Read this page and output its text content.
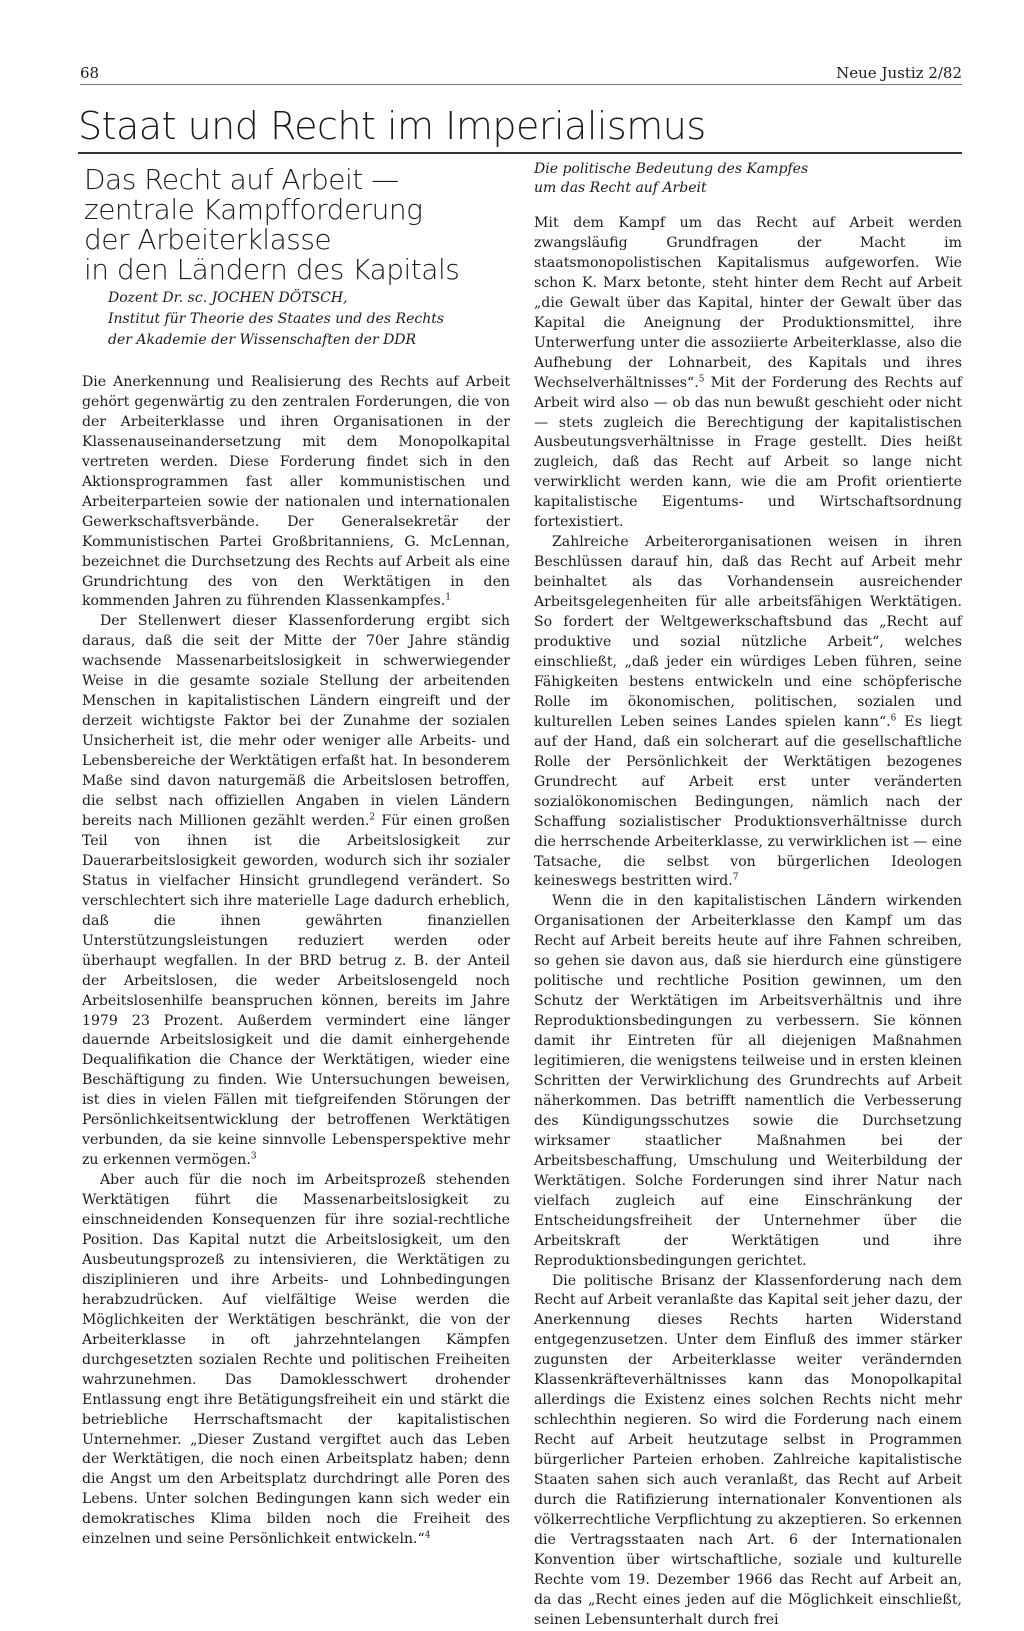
68	Neue Justiz 2/82
Staat und Recht im Imperialismus
Das Recht auf Arbeit —
zentrale Kampfforderung
der Arbeiterklasse
in den Ländern des Kapitals
Dozent Dr. sc. JOCHEN DÖTSCH,
Institut für Theorie des Staates und des Rechts
der Akademie der Wissenschaften der DDR

Die Anerkennung und Realisierung des Rechts auf Arbeit gehört gegenwärtig zu den zentralen Forderungen, die von der Arbeiterklasse und ihren Organisationen in der Klassenauseinandersetzung mit dem Monopolkapital vertreten werden. Diese Forderung findet sich in den Aktionsprogrammen fast aller kommunistischen und Arbeiterparteien sowie der nationalen und internationalen Gewerkschaftsverbände. Der Generalsekretär der Kommunistischen Partei Großbritanniens, G. McLennan, bezeichnet die Durchsetzung des Rechts auf Arbeit als eine Grundrichtung des von den Werktätigen in den kommenden Jahren zu führenden Klassenkampfes.$^1$

Der Stellenwert dieser Klassenforderung ergibt sich daraus, daß die seit der Mitte der 70er Jahre ständig wachsende Massenarbeitslosigkeit in schwerwiegender Weise in die gesamte soziale Stellung der arbeitenden Menschen in kapitalistischen Ländern eingreift und der derzeit wichtigste Faktor bei der Zunahme der sozialen Unsicherheit ist, die mehr oder weniger alle Arbeits- und Lebensbereiche der Werktätigen erfaßt hat. In besonderem Maße sind davon naturgemäß die Arbeitslosen betroffen, die selbst nach offiziellen Angaben in vielen Ländern bereits nach Millionen gezählt werden.$^2$ Für einen großen Teil von ihnen ist die Arbeitslosigkeit zur Dauerarbeitslosigkeit geworden, wodurch sich ihr sozialer Status in vielfacher Hinsicht grundlegend verändert. So verschlechtert sich ihre materielle Lage dadurch erheblich, daß die ihnen gewährten finanziellen Unterstützungsleistungen reduziert werden oder überhaupt wegfallen. In der BRD betrug z. B. der Anteil der Arbeitslosen, die weder Arbeitslosengeld noch Arbeitslosenhilfe beanspruchen können, bereits im Jahre 1979 23 Prozent. Außerdem vermindert eine länger dauernde Arbeitslosigkeit und die damit einhergehende Dequalifikation die Chance der Werktätigen, wieder eine Beschäftigung zu finden. Wie Untersuchungen beweisen, ist dies in vielen Fällen mit tiefgreifenden Störungen der Persönlichkeitsentwicklung der betroffenen Werktätigen verbunden, da sie keine sinnvolle Lebensperspektive mehr zu erkennen vermögen.$^3$

Aber auch für die noch im Arbeitsprozeß stehenden Werktätigen führt die Massenarbeitslosigkeit zu einschneidenden Konsequenzen für ihre sozial-rechtliche Position. Das Kapital nutzt die Arbeitslosigkeit, um den Ausbeutungsprozeß zu intensivieren, die Werktätigen zu disziplinieren und ihre Arbeits- und Lohnbedingungen herabzudrücken. Auf vielfältige Weise werden die Möglichkeiten der Werktätigen beschränkt, die von der Arbeiterklasse in oft jahrzehntelangen Kämpfen durchgesetzten sozialen Rechte und politischen Freiheiten wahrzunehmen. Das Damoklesschwert drohender Entlassung engt ihre Betätigungsfreiheit ein und stärkt die betriebliche Herrschaftsmacht der kapitalistischen Unternehmer. „Dieser Zustand vergiftet auch das Leben der Werktätigen, die noch einen Arbeitsplatz haben; denn die Angst um den Arbeitsplatz durchdringt alle Poren des Lebens. Unter solchen Bedingungen kann sich weder ein demokratisches Klima bilden noch die Freiheit des einzelnen und seine Persönlichkeit entwickeln.“$^4$

Die politische Bedeutung des Kampfes
um das Recht auf Arbeit

Mit dem Kampf um das Recht auf Arbeit werden zwangsläufig Grundfragen der Macht im staatsmonopolistischen Kapitalismus aufgeworfen. Wie schon K. Marx betonte, steht hinter dem Recht auf Arbeit „die Gewalt über das Kapital, hinter der Gewalt über das Kapital die Aneignung der Produktionsmittel, ihre Unterwerfung unter die assoziierte Arbeiterklasse, also die Aufhebung der Lohnarbeit, des Kapitals und ihres Wechselverhältnisses“.$^5$ Mit der Forderung des Rechts auf Arbeit wird also — ob das nun bewußt geschieht oder nicht — stets zugleich die Berechtigung der kapitalistischen Ausbeutungsverhältnisse in Frage gestellt. Dies heißt zugleich, daß das Recht auf Arbeit so lange nicht verwirklicht werden kann, wie die am Profit orientierte kapitalistische Eigentums- und Wirtschaftsordnung fortexistiert.

Zahlreiche Arbeiterorganisationen weisen in ihren Beschlüssen darauf hin, daß das Recht auf Arbeit mehr beinhaltet als das Vorhandensein ausreichender Arbeitsgelegenheiten für alle arbeitsfähigen Werktätigen. So fordert der Weltgewerkschaftsbund das „Recht auf produktive und sozial nützliche Arbeit“, welches einschließt, „daß jeder ein würdiges Leben führen, seine Fähigkeiten bestens entwickeln und eine schöpferische Rolle im ökonomischen, politischen, sozialen und kulturellen Leben seines Landes spielen kann“.$^6$ Es liegt auf der Hand, daß ein solcherart auf die gesellschaftliche Rolle der Persönlichkeit der Werktätigen bezogenes Grundrecht auf Arbeit erst unter veränderten sozialökonomischen Bedingungen, nämlich nach der Schaffung sozialistischer Produktionsverhältnisse durch die herrschende Arbeiterklasse, zu verwirklichen ist — eine Tatsache, die selbst von bürgerlichen Ideologen keineswegs bestritten wird.$^7$

Wenn die in den kapitalistischen Ländern wirkenden Organisationen der Arbeiterklasse den Kampf um das Recht auf Arbeit bereits heute auf ihre Fahnen schreiben, so gehen sie davon aus, daß sie hierdurch eine günstigere politische und rechtliche Position gewinnen, um den Schutz der Werktätigen im Arbeitsverhältnis und ihre Reproduktionsbedingungen zu verbessern. Sie können damit ihr Eintreten für all diejenigen Maßnahmen legitimieren, die wenigstens teilweise und in ersten kleinen Schritten der Verwirklichung des Grundrechts auf Arbeit näherkommen. Das betrifft namentlich die Verbesserung des Kündigungsschutzes sowie die Durchsetzung wirksamer staatlicher Maßnahmen bei der Arbeitsbeschaffung, Umschulung und Weiterbildung der Werktätigen. Solche Forderungen sind ihrer Natur nach vielfach zugleich auf eine Einschränkung der Entscheidungsfreiheit der Unternehmer über die Arbeitskraft der Werktätigen und ihre Reproduktionsbedingungen gerichtet.

Die politische Brisanz der Klassenforderung nach dem Recht auf Arbeit veranlaßte das Kapital seit jeher dazu, der Anerkennung dieses Rechts harten Widerstand entgegenzusetzen. Unter dem Einfluß des immer stärker zugunsten der Arbeiterklasse weiter verändernden Klassenkräfteverhältnisses kann das Monopolkapital allerdings die Existenz eines solchen Rechts nicht mehr schlechthin negieren. So wird die Forderung nach einem Recht auf Arbeit heutzutage selbst in Programmen bürgerlicher Parteien erhoben. Zahlreiche kapitalistische Staaten sahen sich auch veranlaßt, das Recht auf Arbeit durch die Ratifizierung internationaler Konventionen als völkerrechtliche Verpflichtung zu akzeptieren. So erkennen die Vertragsstaaten nach Art. 6 der Internationalen Konvention über wirtschaftliche, soziale und kulturelle Rechte vom 19. Dezember 1966 das Recht auf Arbeit an, da das „Recht eines jeden auf die Möglichkeit einschließt, seinen Lebensunterhalt durch frei
